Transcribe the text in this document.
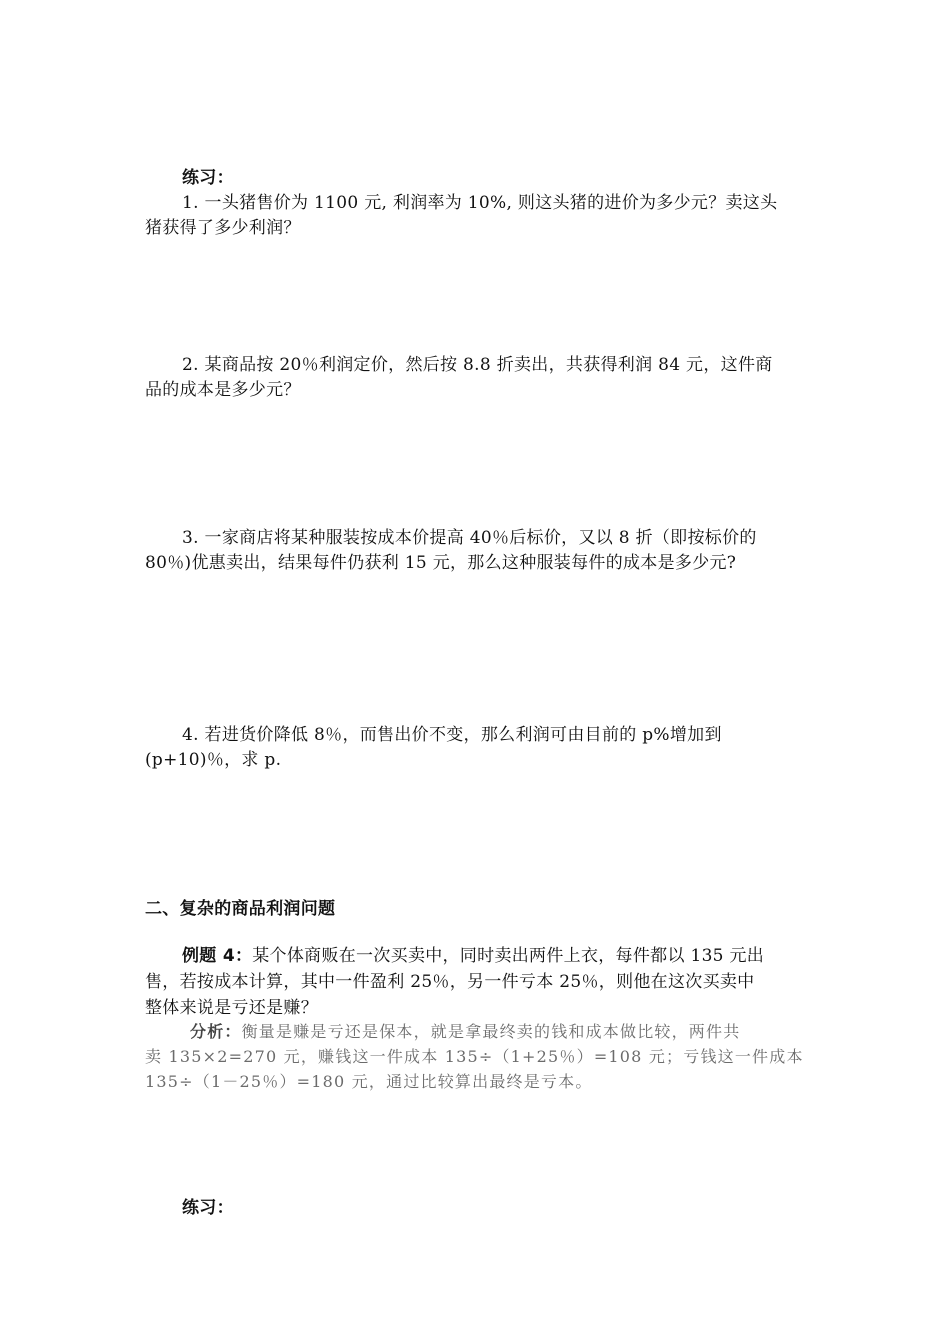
练习：
1. 一头猪售价为 1100 元, 利润率为 10%, 则这头猪的进价为多少元？卖这头
猪获得了多少利润？
2. 某商品按 20％利润定价，然后按 8.8 折卖出，共获得利润 84 元，这件商
品的成本是多少元？
3. 一家商店将某种服装按成本价提高 40％后标价，又以 8 折（即按标价的
80％)优惠卖出，结果每件仍获利 15 元，那么这种服装每件的成本是多少元?
4. 若进货价降低 8％，而售出价不变，那么利润可由目前的 p%增加到
(p+10)％，求 p.
二、复杂的商品利润问题
例题 4：某个体商贩在一次买卖中，同时卖出两件上衣，每件都以 135 元出
售，若按成本计算，其中一件盈利 25％，另一件亏本 25％，则他在这次买卖中
整体来说是亏还是赚？
分析：衡量是赚是亏还是保本，就是拿最终卖的钱和成本做比较，两件共
卖 135×2=270 元，赚钱这一件成本 135÷（1+25％）=108 元；亏钱这一件成本
135÷（1－25％）=180 元，通过比较算出最终是亏本。
练习：
